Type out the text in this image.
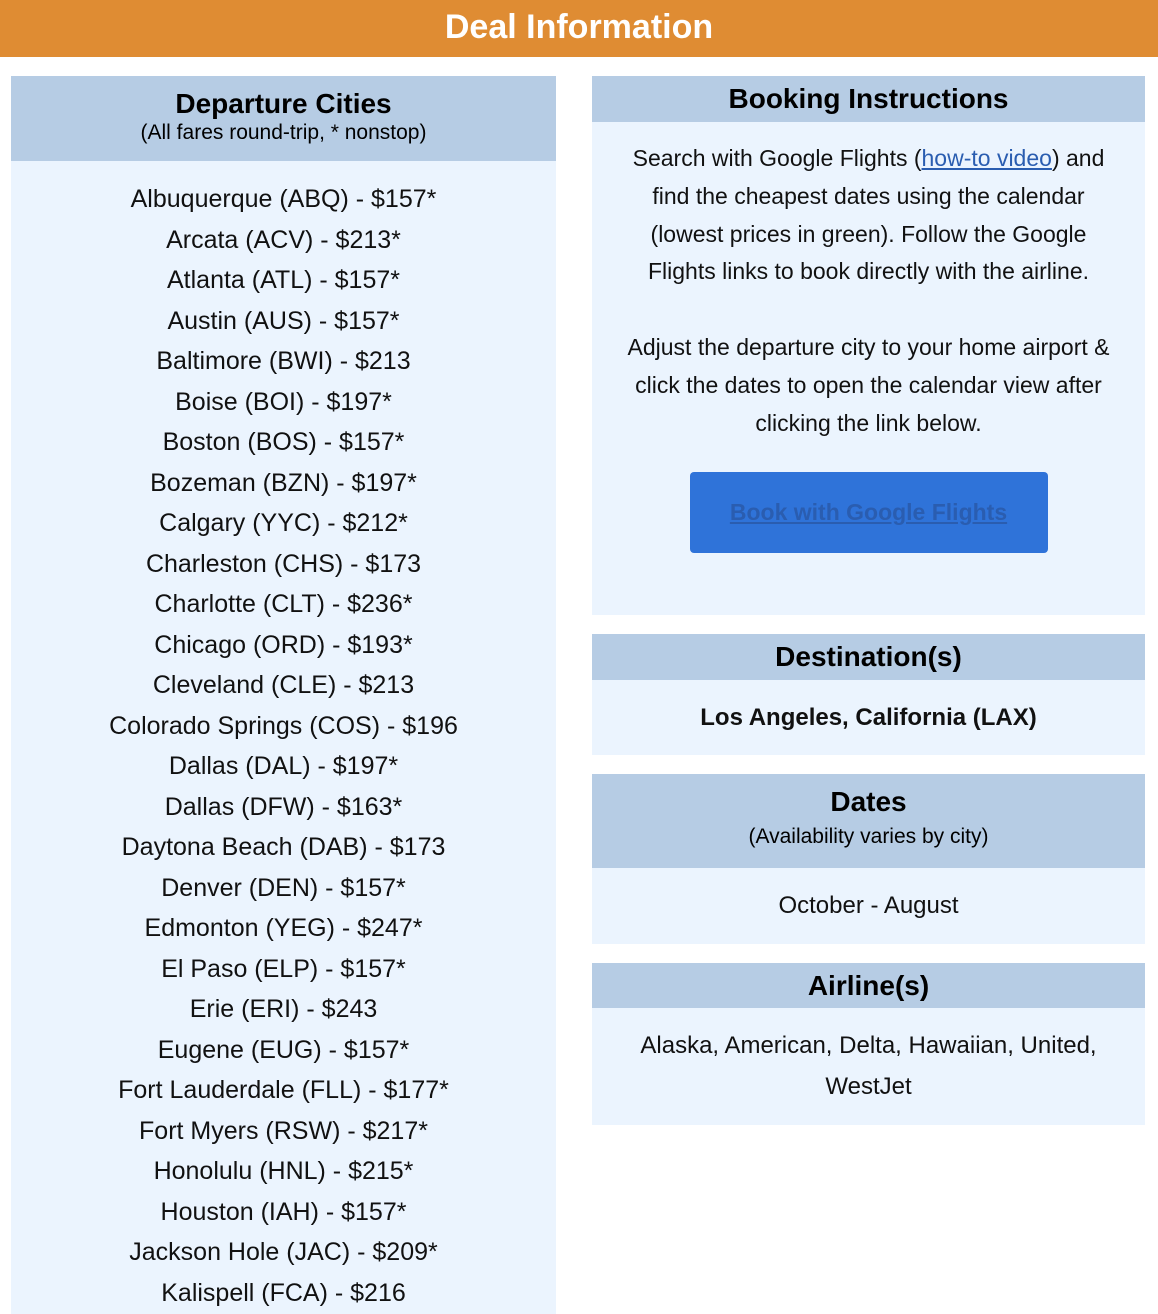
Deal Information
Departure Cities
(All fares round-trip, * nonstop)
Albuquerque (ABQ) - $157*
Arcata (ACV) - $213*
Atlanta (ATL) - $157*
Austin (AUS) - $157*
Baltimore (BWI) - $213
Boise (BOI) - $197*
Boston (BOS) - $157*
Bozeman (BZN) - $197*
Calgary (YYC) - $212*
Charleston (CHS) - $173
Charlotte (CLT) - $236*
Chicago (ORD) - $193*
Cleveland (CLE) - $213
Colorado Springs (COS) - $196
Dallas (DAL) - $197*
Dallas (DFW) - $163*
Daytona Beach (DAB) - $173
Denver (DEN) - $157*
Edmonton (YEG) - $247*
El Paso (ELP) - $157*
Erie (ERI) - $243
Eugene (EUG) - $157*
Fort Lauderdale (FLL) - $177*
Fort Myers (RSW) - $217*
Honolulu (HNL) - $215*
Houston (IAH) - $157*
Jackson Hole (JAC) - $209*
Kalispell (FCA) - $216
Booking Instructions

Search with Google Flights (how-to video) and find the cheapest dates using the calendar (lowest prices in green). Follow the Google Flights links to book directly with the airline.

Adjust the departure city to your home airport & click the dates to open the calendar view after clicking the link below.

Book with Google Flights
Destination(s)
Los Angeles, California (LAX)
Dates
(Availability varies by city)
October - August
Airline(s)
Alaska, American, Delta, Hawaiian, United, WestJet
